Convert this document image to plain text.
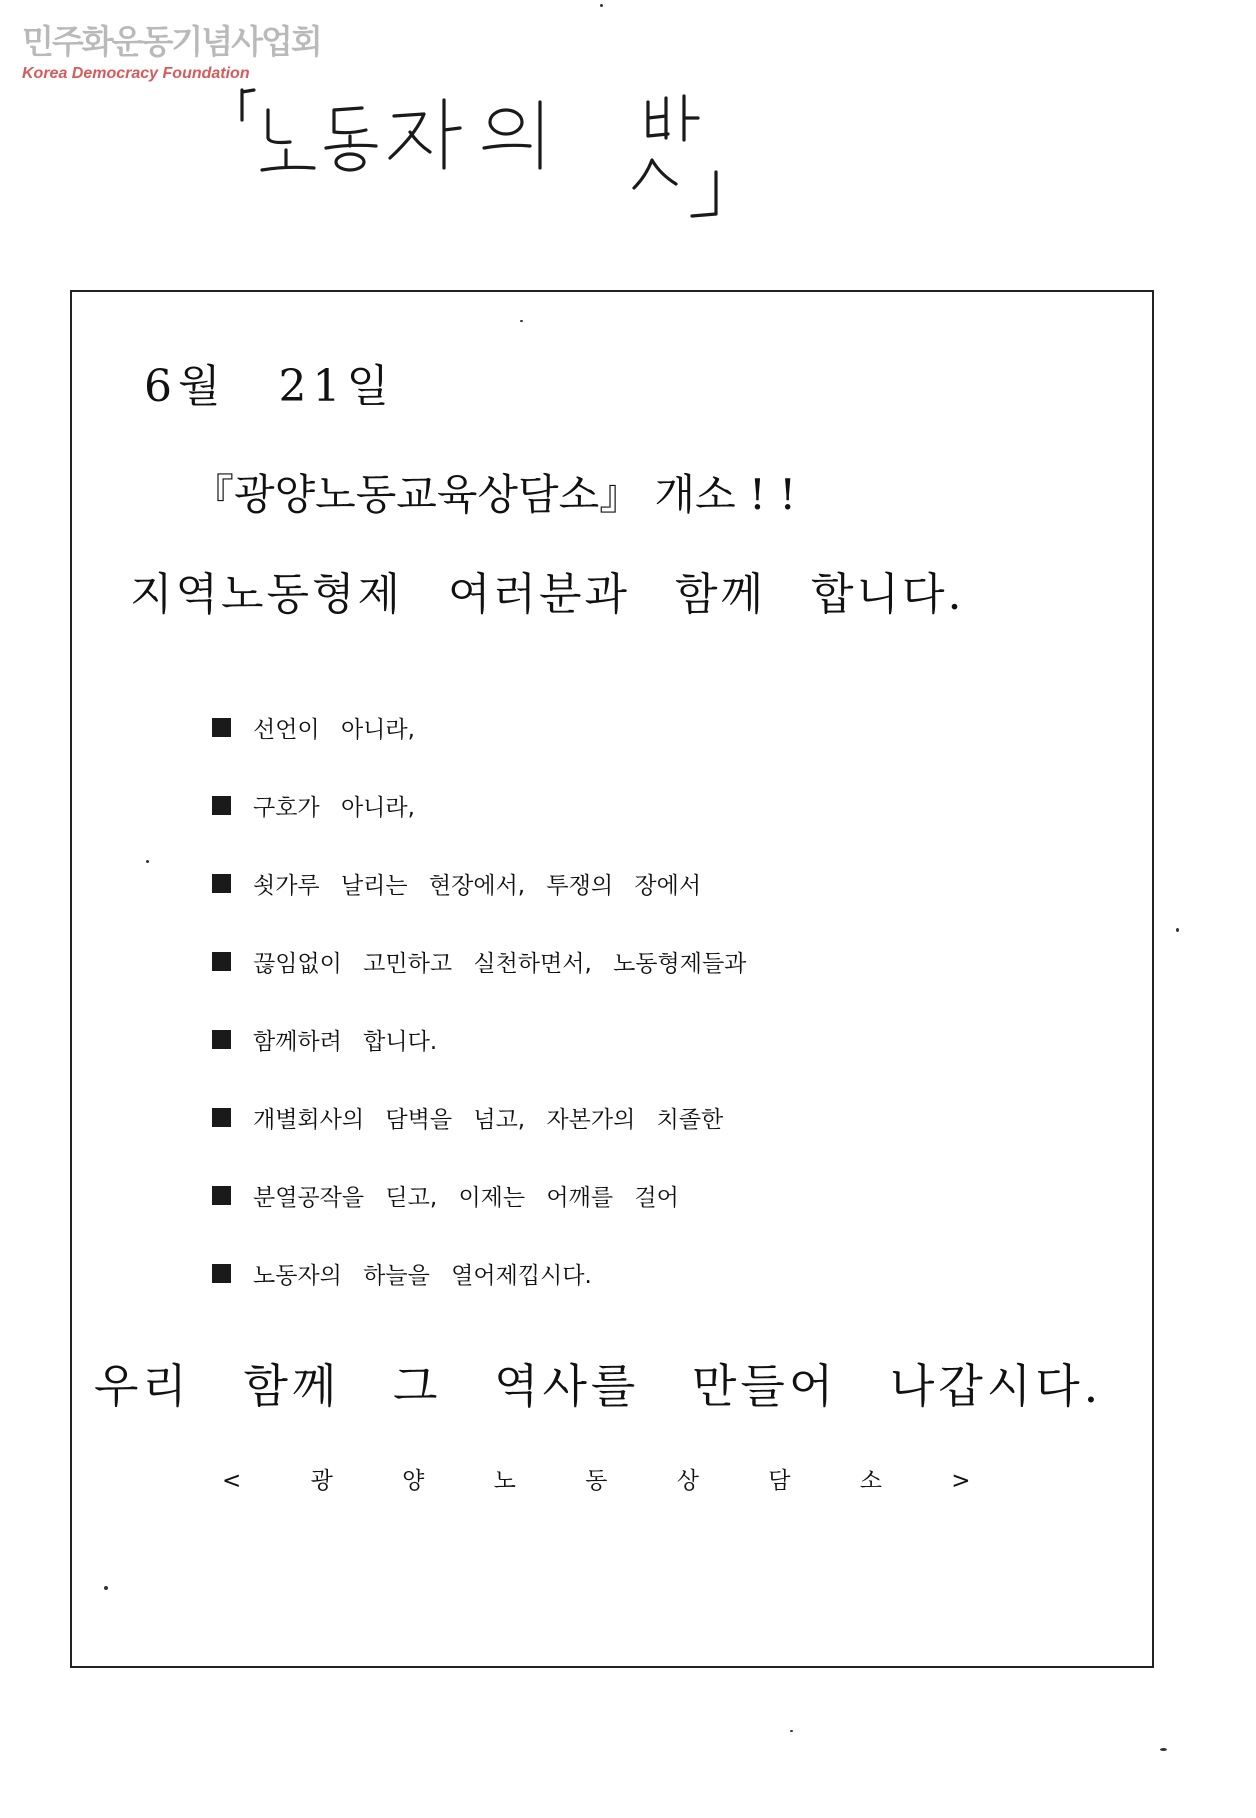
민주화운동기념사업회
Korea Democracy Foundation
6월 21일
『광양노동교육상담소』 개소 ! !
지역노동형제 여러분과 함께 합니다.
선언이 아니라,
구호가 아니라,
쇳가루 날리는 현장에서, 투쟁의 장에서
끊임없이 고민하고 실천하면서, 노동형제들과
함께하려 합니다.
개별회사의 담벽을 넘고, 자본가의 치졸한
분열공작을 딛고, 이제는 어깨를 걸어
노동자의 하늘을 열어제낍시다.
우리 함께 그 역사를 만들어 나갑시다.
< 광 양 노 동 상 담 소 >
